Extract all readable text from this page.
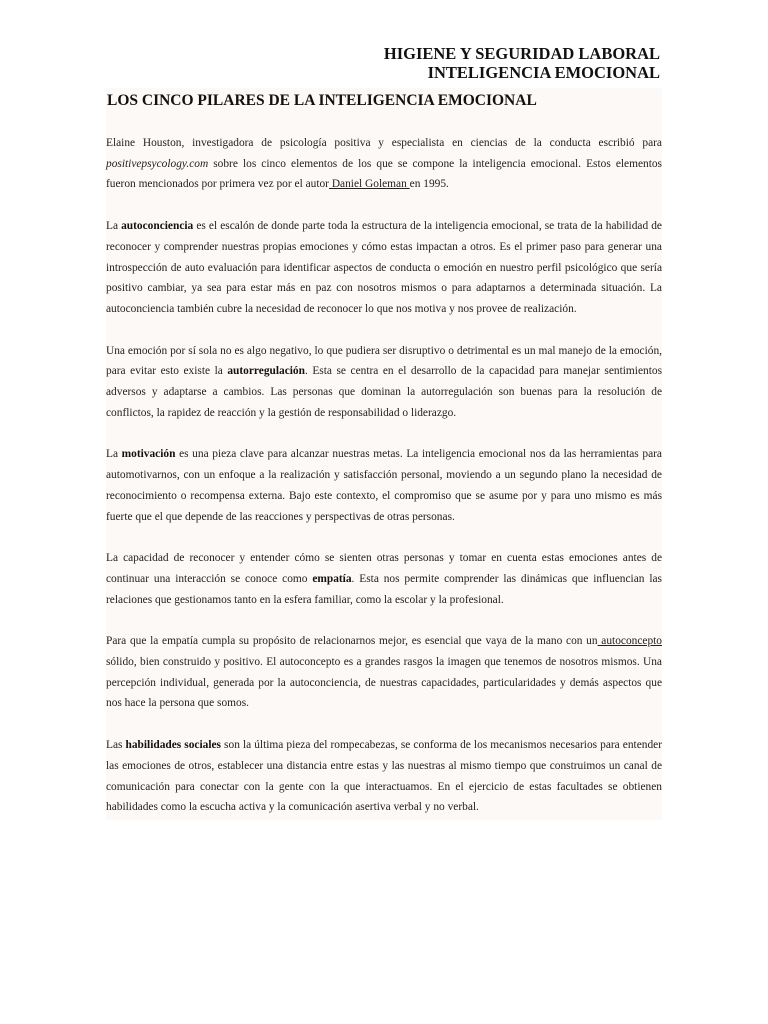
HIGIENE Y SEGURIDAD LABORAL
INTELIGENCIA EMOCIONAL
LOS CINCO PILARES DE LA INTELIGENCIA EMOCIONAL

Elaine Houston, investigadora de psicología positiva y especialista en ciencias de la conducta escribió para positivepsycology.com sobre los cinco elementos de los que se compone la inteligencia emocional. Estos elementos fueron mencionados por primera vez por el autor Daniel Goleman en 1995.

La autoconciencia es el escalón de donde parte toda la estructura de la inteligencia emocional, se trata de la habilidad de reconocer y comprender nuestras propias emociones y cómo estas impactan a otros. Es el primer paso para generar una introspección de auto evaluación para identificar aspectos de conducta o emoción en nuestro perfil psicológico que sería positivo cambiar, ya sea para estar más en paz con nosotros mismos o para adaptarnos a determinada situación. La autoconciencia también cubre la necesidad de reconocer lo que nos motiva y nos provee de realización.

Una emoción por sí sola no es algo negativo, lo que pudiera ser disruptivo o detrimental es un mal manejo de la emoción, para evitar esto existe la autorregulación. Esta se centra en el desarrollo de la capacidad para manejar sentimientos adversos y adaptarse a cambios. Las personas que dominan la autorregulación son buenas para la resolución de conflictos, la rapidez de reacción y la gestión de responsabilidad o liderazgo.

La motivación es una pieza clave para alcanzar nuestras metas. La inteligencia emocional nos da las herramientas para automotivarnos, con un enfoque a la realización y satisfacción personal, moviendo a un segundo plano la necesidad de reconocimiento o recompensa externa. Bajo este contexto, el compromiso que se asume por y para uno mismo es más fuerte que el que depende de las reacciones y perspectivas de otras personas.

La capacidad de reconocer y entender cómo se sienten otras personas y tomar en cuenta estas emociones antes de continuar una interacción se conoce como empatía. Esta nos permite comprender las dinámicas que influencian las relaciones que gestionamos tanto en la esfera familiar, como la escolar y la profesional.

Para que la empatía cumpla su propósito de relacionarnos mejor, es esencial que vaya de la mano con un autoconcepto sólido, bien construido y positivo. El autoconcepto es a grandes rasgos la imagen que tenemos de nosotros mismos. Una percepción individual, generada por la autoconciencia, de nuestras capacidades, particularidades y demás aspectos que nos hace la persona que somos.

Las habilidades sociales son la última pieza del rompecabezas, se conforma de los mecanismos necesarios para entender las emociones de otros, establecer una distancia entre estas y las nuestras al mismo tiempo que construimos un canal de comunicación para conectar con la gente con la que interactuamos. En el ejercicio de estas facultades se obtienen habilidades como la escucha activa y la comunicación asertiva verbal y no verbal.
